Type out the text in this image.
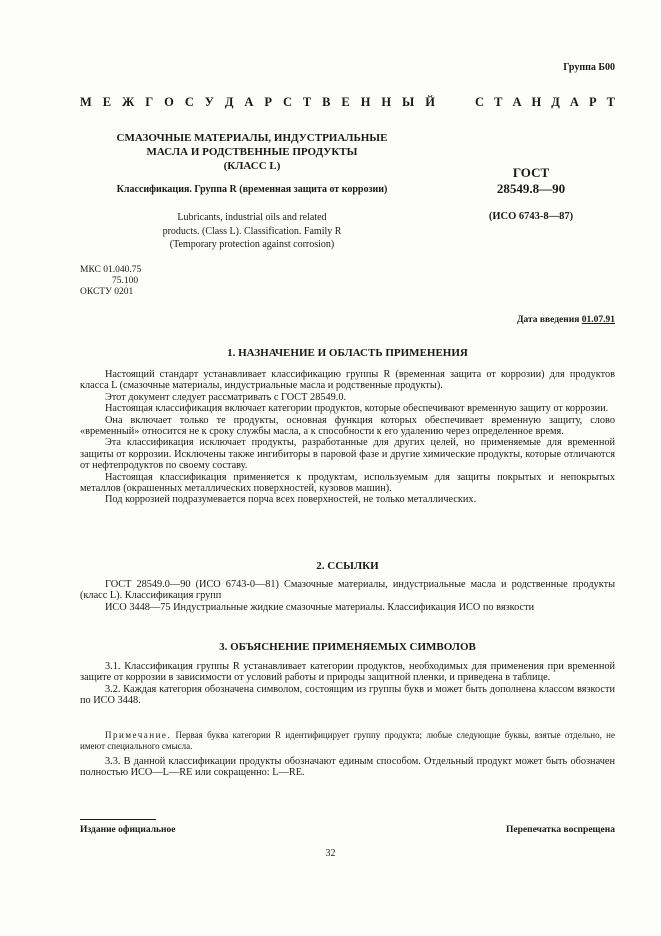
Группа Б00
М Е Ж Г О С У Д А Р С Т В Е Н Н Ы Й	С Т А Н Д А Р Т
СМАЗОЧНЫЕ МАТЕРИАЛЫ, ИНДУСТРИАЛЬНЫЕ
МАСЛА И РОДСТВЕННЫЕ ПРОДУКТЫ
(КЛАСС L)
Классификация. Группа R (временная защита от коррозии)
Lubricants, industrial oils and related
products. (Class L). Classification. Family R
(Temporary protection against corrosion)
ГОСТ
28549.8—90
(ИСО 6743-8—87)
МКС 01.040.75
75.100
ОКСТУ 0201
Дата введения 01.07.91
1. НАЗНАЧЕНИЕ И ОБЛАСТЬ ПРИМЕНЕНИЯ

Настоящий стандарт устанавливает классификацию группы R (временная защита от коррозии) для продуктов класса L (смазочные материалы, индустриальные масла и родственные продукты).

Этот документ следует рассматривать с ГОСТ 28549.0.

Настоящая классификация включает категории продуктов, которые обеспечивают временную защиту от коррозии.

Она включает только те продукты, основная функция которых обеспечивает временную защиту, слово «временный» относится не к сроку службы масла, а к способности к его удалению через определенное время.

Эта классификация исключает продукты, разработанные для других целей, но применяемые для временной защиты от коррозии. Исключены также ингибиторы в паровой фазе и другие химические продукты, которые отличаются от нефтепродуктов по своему составу.

Настоящая классификация применяется к продуктам, используемым для защиты покрытых и непокрытых металлов (окрашенных металлических поверхностей, кузовов машин).

Под коррозией подразумевается порча всех поверхностей, не только металлических.

2. ССЫЛКИ

ГОСТ 28549.0—90 (ИСО 6743-0—81) Смазочные материалы, индустриальные масла и родственные продукты (класс L). Классификация групп

ИСО 3448—75 Индустриальные жидкие смазочные материалы. Классификация ИСО по вязкости

3. ОБЪЯСНЕНИЕ ПРИМЕНЯЕМЫХ СИМВОЛОВ

3.1. Классификация группы R устанавливает категории продуктов, необходимых для применения при временной защите от коррозии в зависимости от условий работы и природы защитной пленки, и приведена в таблице.

3.2. Каждая категория обозначена символом, состоящим из группы букв и может быть дополнена классом вязкости по ИСО 3448.

Примечание. Первая буква категории R идентифицирует группу продукта; любые следующие буквы, взятые отдельно, не имеют специального смысла.

3.3. В данной классификации продукты обозначают единым способом. Отдельный продукт может быть обозначен полностью ИСО—L—RE или сокращенно: L—RE.

Издание официальное	Перепечатка воспрещена
32
